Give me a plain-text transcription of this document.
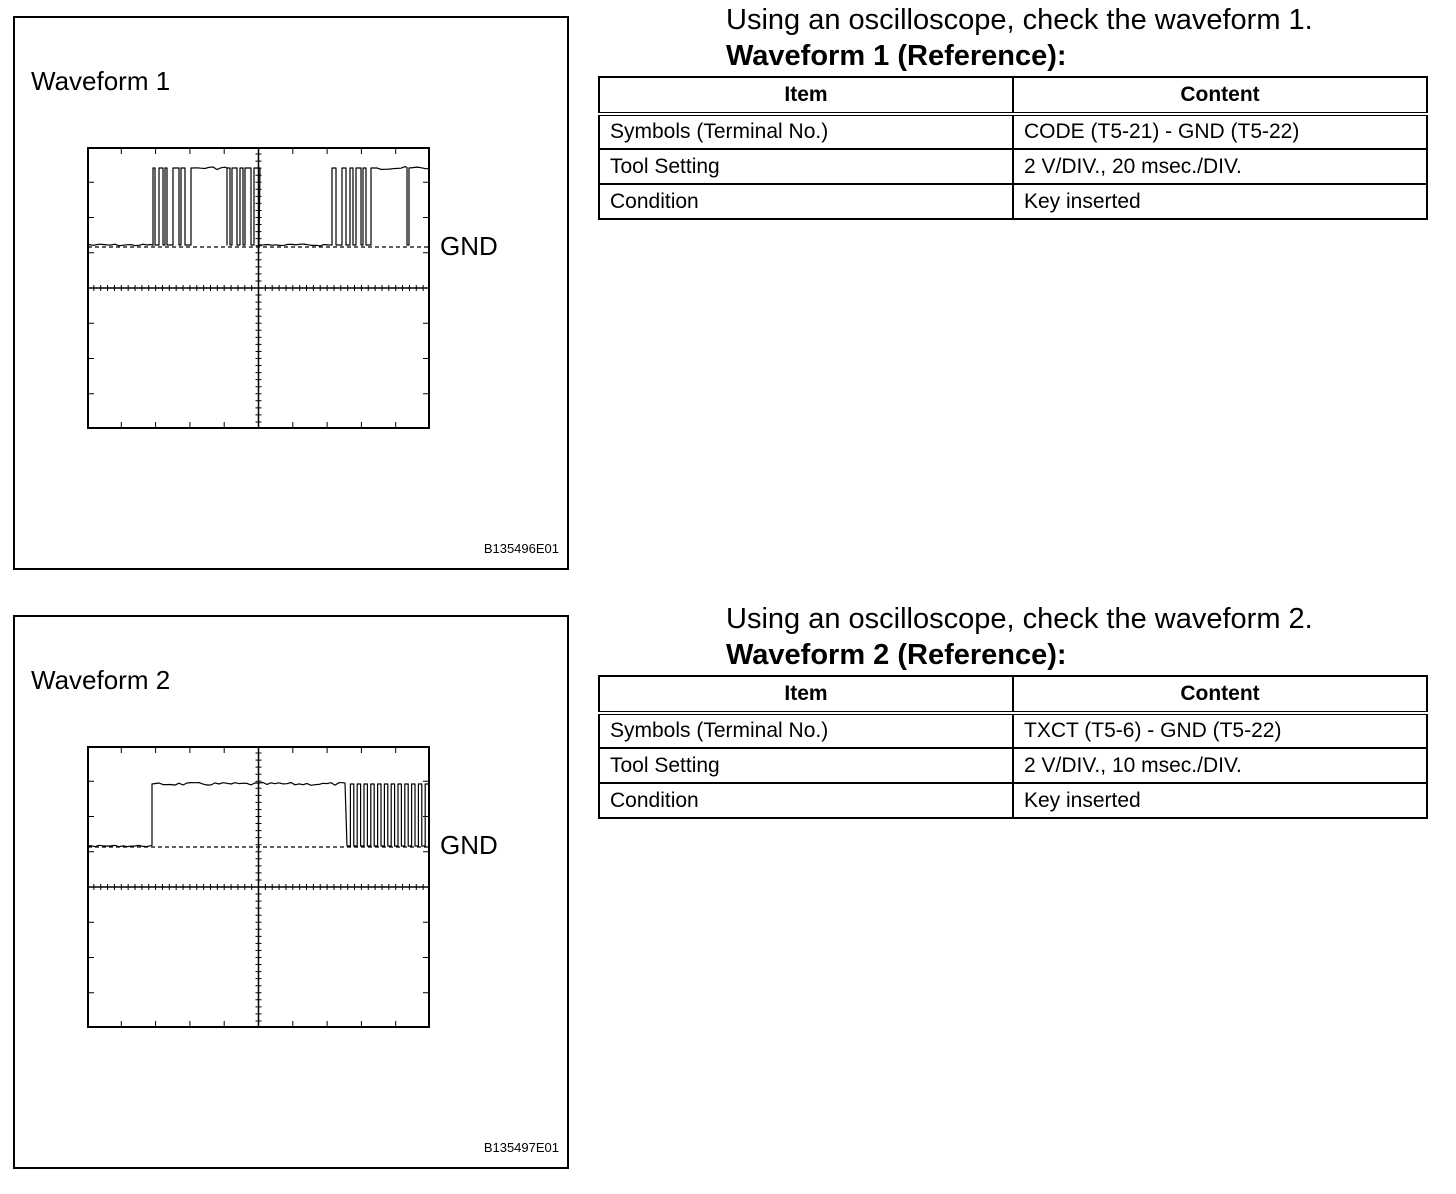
Waveform 1
GND
B135496E01
Using an oscilloscope, check the waveform 1.
Waveform 1 (Reference):
Item	Content
Symbols (Terminal No.)	CODE (T5-21) - GND (T5-22)
Tool Setting	2 V/DIV., 20 msec./DIV.
Condition	Key inserted
Waveform 2
GND
B135497E01
Using an oscilloscope, check the waveform 2.
Waveform 2 (Reference):
Item	Content
Symbols (Terminal No.)	TXCT (T5-6) - GND (T5-22)
Tool Setting	2 V/DIV., 10 msec./DIV.
Condition	Key inserted
